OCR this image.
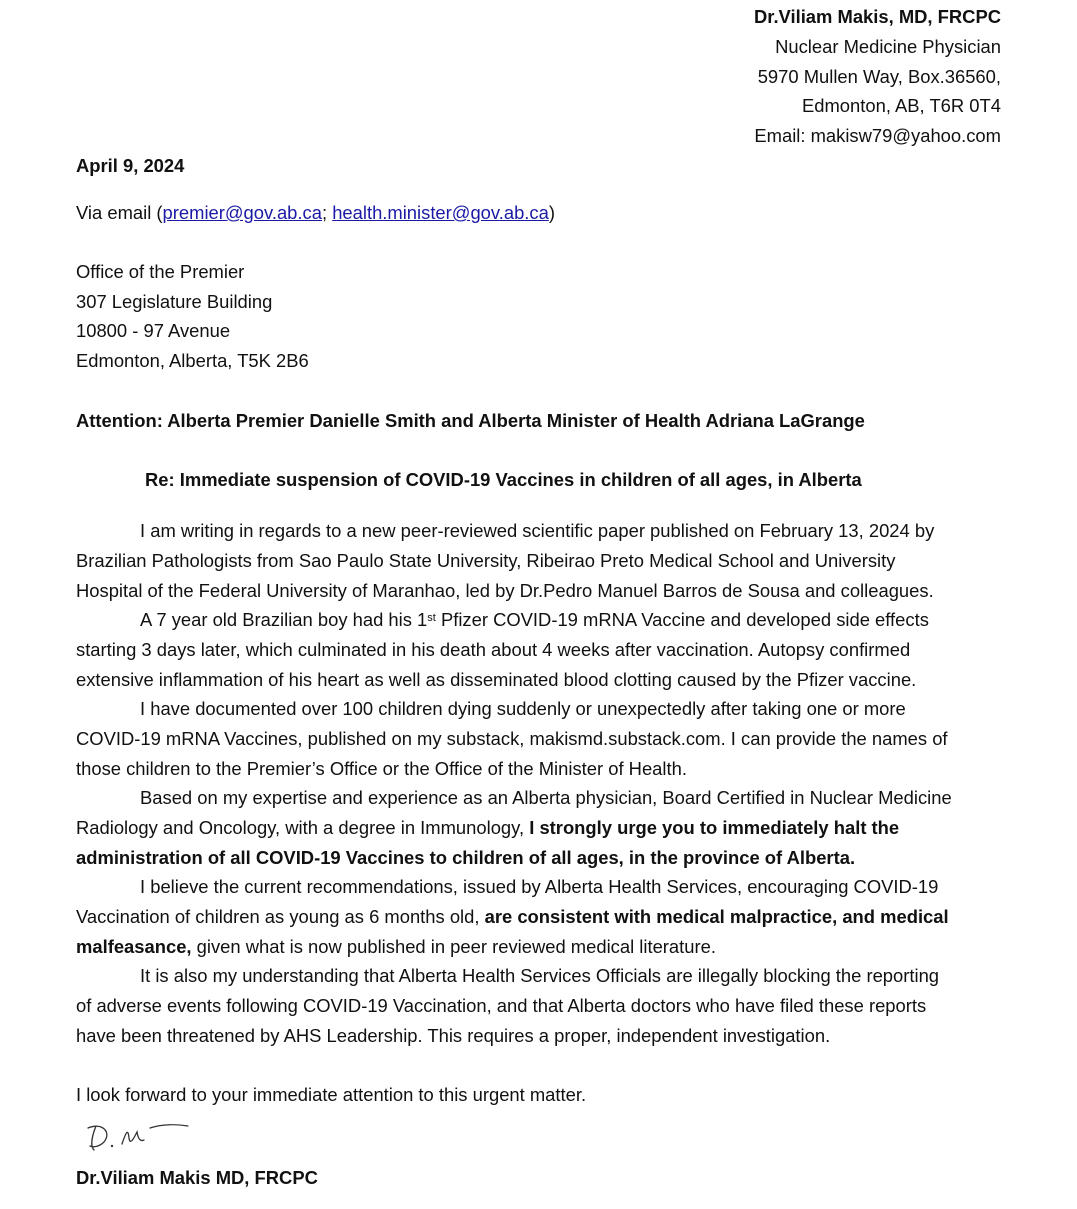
Dr.Viliam Makis, MD, FRCPC
Nuclear Medicine Physician
5970 Mullen Way, Box.36560,
Edmonton, AB, T6R 0T4
Email: makisw79@yahoo.com
April 9, 2024
Via email (premier@gov.ab.ca; health.minister@gov.ab.ca)
Office of the Premier
307 Legislature Building
10800 - 97 Avenue
Edmonton, Alberta, T5K 2B6
Attention: Alberta Premier Danielle Smith and Alberta Minister of Health Adriana LaGrange
Re: Immediate suspension of COVID-19 Vaccines in children of all ages, in Alberta
I am writing in regards to a new peer-reviewed scientific paper published on February 13, 2024 by
Brazilian Pathologists from Sao Paulo State University, Ribeirao Preto Medical School and University
Hospital of the Federal University of Maranhao, led by Dr.Pedro Manuel Barros de Sousa and colleagues.
A 7 year old Brazilian boy had his 1st Pfizer COVID-19 mRNA Vaccine and developed side effects
starting 3 days later, which culminated in his death about 4 weeks after vaccination. Autopsy confirmed
extensive inflammation of his heart as well as disseminated blood clotting caused by the Pfizer vaccine.
I have documented over 100 children dying suddenly or unexpectedly after taking one or more
COVID-19 mRNA Vaccines, published on my substack, makismd.substack.com. I can provide the names of
those children to the Premier’s Office or the Office of the Minister of Health.
Based on my expertise and experience as an Alberta physician, Board Certified in Nuclear Medicine
Radiology and Oncology, with a degree in Immunology, I strongly urge you to immediately halt the
administration of all COVID-19 Vaccines to children of all ages, in the province of Alberta.
I believe the current recommendations, issued by Alberta Health Services, encouraging COVID-19
Vaccination of children as young as 6 months old, are consistent with medical malpractice, and medical
malfeasance, given what is now published in peer reviewed medical literature.
It is also my understanding that Alberta Health Services Officials are illegally blocking the reporting
of adverse events following COVID-19 Vaccination, and that Alberta doctors who have filed these reports
have been threatened by AHS Leadership. This requires a proper, independent investigation.
I look forward to your immediate attention to this urgent matter.
Dr.Viliam Makis MD, FRCPC
